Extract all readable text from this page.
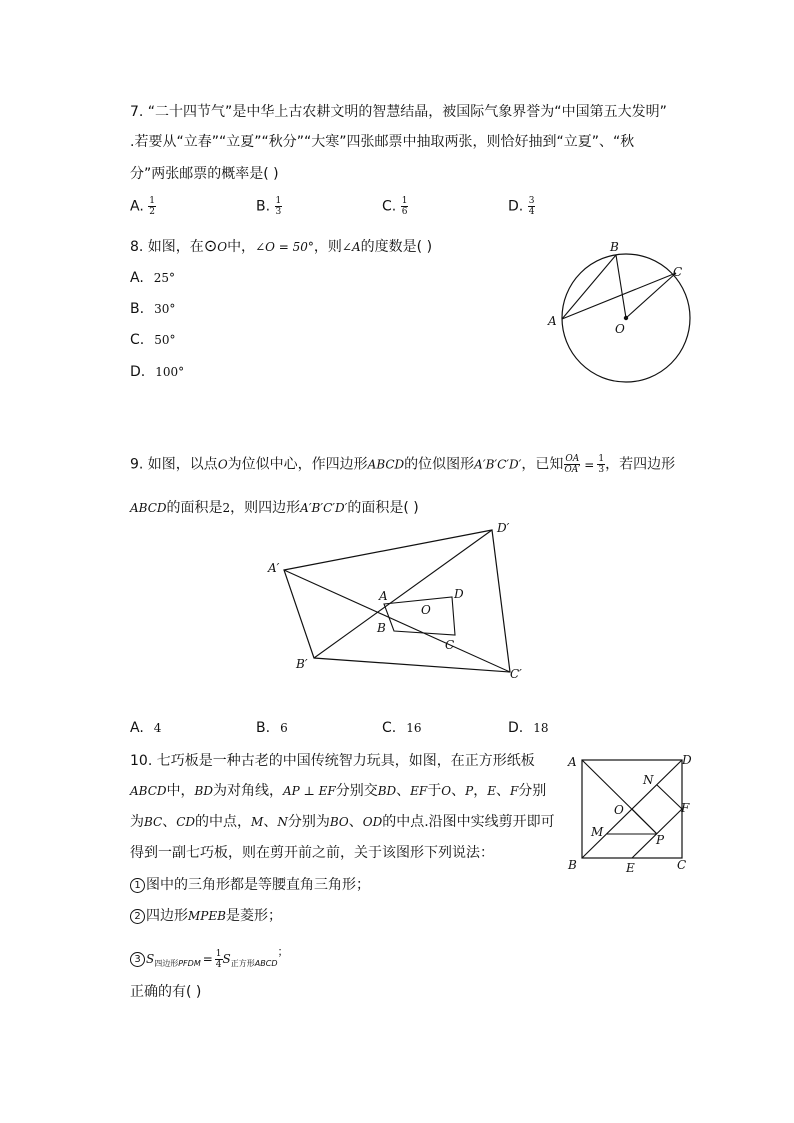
7. “二十四节气”是中华上古农耕文明的智慧结晶，被国际气象界誉为“中国第五大发明”
.若要从“立春”“立夏”“秋分”“大寒”四张邮票中抽取两张，则恰好抽到“立夏”、“秋
分”两张邮票的概率是( )
A. $\frac{1}{2}$	B. $\frac{1}{3}$	C. $\frac{1}{6}$	D. $\frac{3}{4}$
8. 如图，在⊙O中，∠O = 50°，则∠A的度数是( )
A. 25°
B. 30°
C. 50°
D. 100°
A
B
C
O
9. 如图，以点O为位似中心，作四边形ABCD的位似图形A′B′C′D′，已知 $\frac{OA}{OA'} = \frac{1}{3}$ ，若四边形
ABCD的面积是2，则四边形A′B′C′D′的面积是( )
A′
D′
C′
B′
A	D
C
B
O
A. 4	B. 6	C. 16	D. 18
10. 七巧板是一种古老的中国传统智力玩具，如图，在正方形纸板
ABCD中，BD为对角线，AP ⊥ EF分别交BD、EF于O、P，E、F分别
为BC、CD的中点，M、N分别为BO、OD的中点.沿图中实线剪开即可
得到一副七巧板，则在剪开前之前，关于该图形下列说法：
1 图中的三角形都是等腰直角三角形；
2 四边形MPEB是菱形；
3 $S_{四边形PFDM} = \frac{1}{4} S_{正方形ABCD}^;$
正确的有( )
A	D
B	C
E
F
M
N
O
P
